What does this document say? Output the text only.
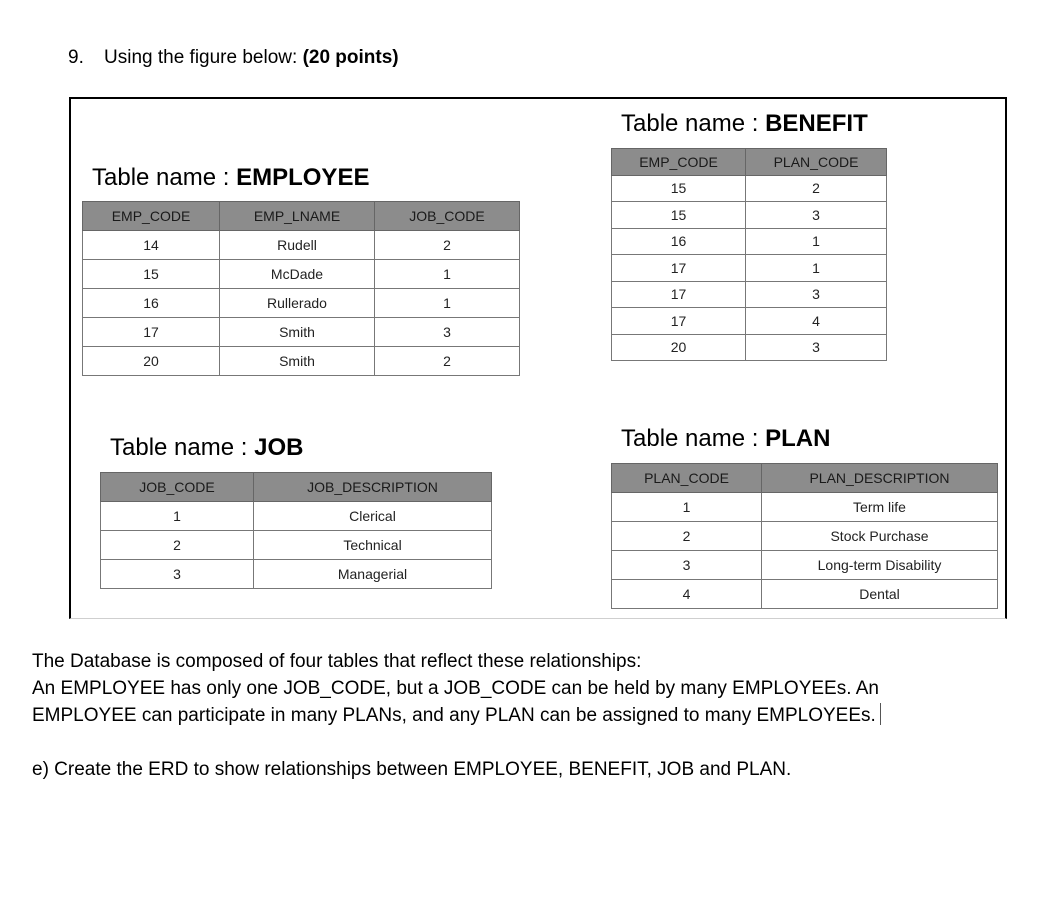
9. Using the figure below: (20 points)
Table name : EMPLOYEE
EMP_CODE	EMP_LNAME	JOB_CODE
14	Rudell	2
15	McDade	1
16	Rullerado	1
17	Smith	3
20	Smith	2
Table name : BENEFIT
EMP_CODE	PLAN_CODE
15	2
15	3
16	1
17	1
17	3
17	4
20	3
Table name : JOB
JOB_CODE	JOB_DESCRIPTION
1	Clerical
2	Technical
3	Managerial
Table name : PLAN
PLAN_CODE	PLAN_DESCRIPTION
1	Term life
2	Stock Purchase
3	Long-term Disability
4	Dental

The Database is composed of four tables that reflect these relationships:

An EMPLOYEE has only one JOB_CODE, but a JOB_CODE can be held by many EMPLOYEEs. An

EMPLOYEE can participate in many PLANs, and any PLAN can be assigned to many EMPLOYEEs.

e) Create the ERD to show relationships between EMPLOYEE, BENEFIT, JOB and PLAN.
